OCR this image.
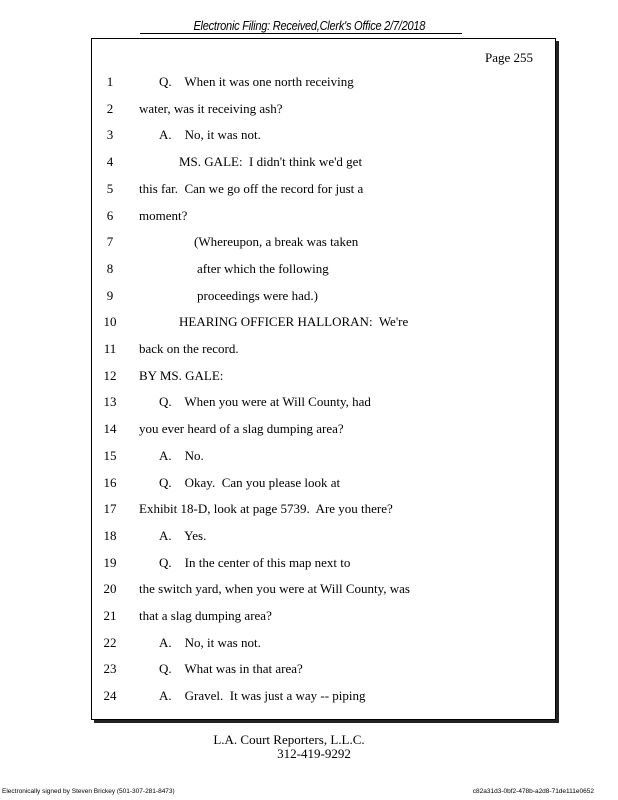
Electronic Filing: Received,Clerk's Office 2/7/2018
Page 255
1	Q.    When it was one north receiving
2	water, was it receiving ash?
3	A.    No, it was not.
4	MS. GALE:  I didn't think we'd get
5	this far.  Can we go off the record for just a
6	moment?
7	(Whereupon, a break was taken
8	after which the following
9	proceedings were had.)
10	HEARING OFFICER HALLORAN:  We're
11	back on the record.
12	BY MS. GALE:
13	Q.    When you were at Will County, had
14	you ever heard of a slag dumping area?
15	A.    No.
16	Q.    Okay.  Can you please look at
17	Exhibit 18-D, look at page 5739.  Are you there?
18	A.    Yes.
19	Q.    In the center of this map next to
20	the switch yard, when you were at Will County, was
21	that a slag dumping area?
22	A.    No, it was not.
23	Q.    What was in that area?
24	A.    Gravel.  It was just a way -- piping
L.A. Court Reporters, L.L.C.
312-419-9292
Electronically signed by Steven Brickey (501-307-281-8473)	c82a31d3-0bf2-478b-a2d8-71de111e0652
